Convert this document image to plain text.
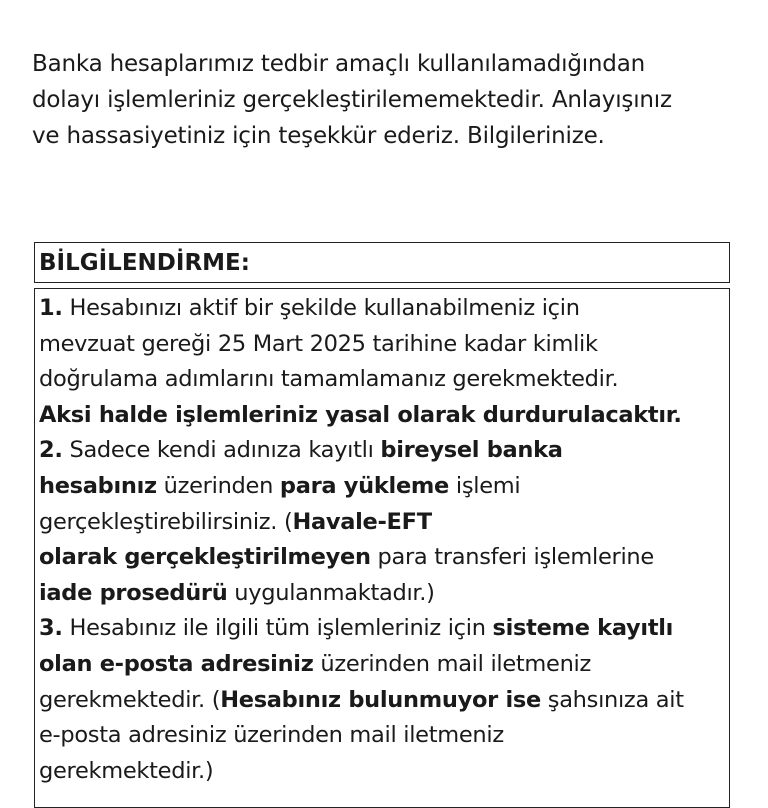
Banka hesaplarımız tedbir amaçlı kullanılamadığından
dolayı işlemleriniz gerçekleştirilememektedir. Anlayışınız
ve hassasiyetiniz için teşekkür ederiz. Bilgilerinize.
BİLGİLENDİRME:
1. Hesabınızı aktif bir şekilde kullanabilmeniz için
mevzuat gereği 25 Mart 2025 tarihine kadar kimlik
doğrulama adımlarını tamamlamanız gerekmektedir.
Aksi halde işlemleriniz yasal olarak durdurulacaktır.
2. Sadece kendi adınıza kayıtlı bireysel banka
hesabınız üzerinden para yükleme işlemi
gerçekleştirebilirsiniz. (Havale-EFT
olarak gerçekleştirilmeyen para transferi işlemlerine
iade prosedürü uygulanmaktadır.)
3. Hesabınız ile ilgili tüm işlemleriniz için sisteme kayıtlı
olan e-posta adresiniz üzerinden mail iletmeniz
gerekmektedir. (Hesabınız bulunmuyor ise şahsınıza ait
e-posta adresiniz üzerinden mail iletmeniz
gerekmektedir.)
